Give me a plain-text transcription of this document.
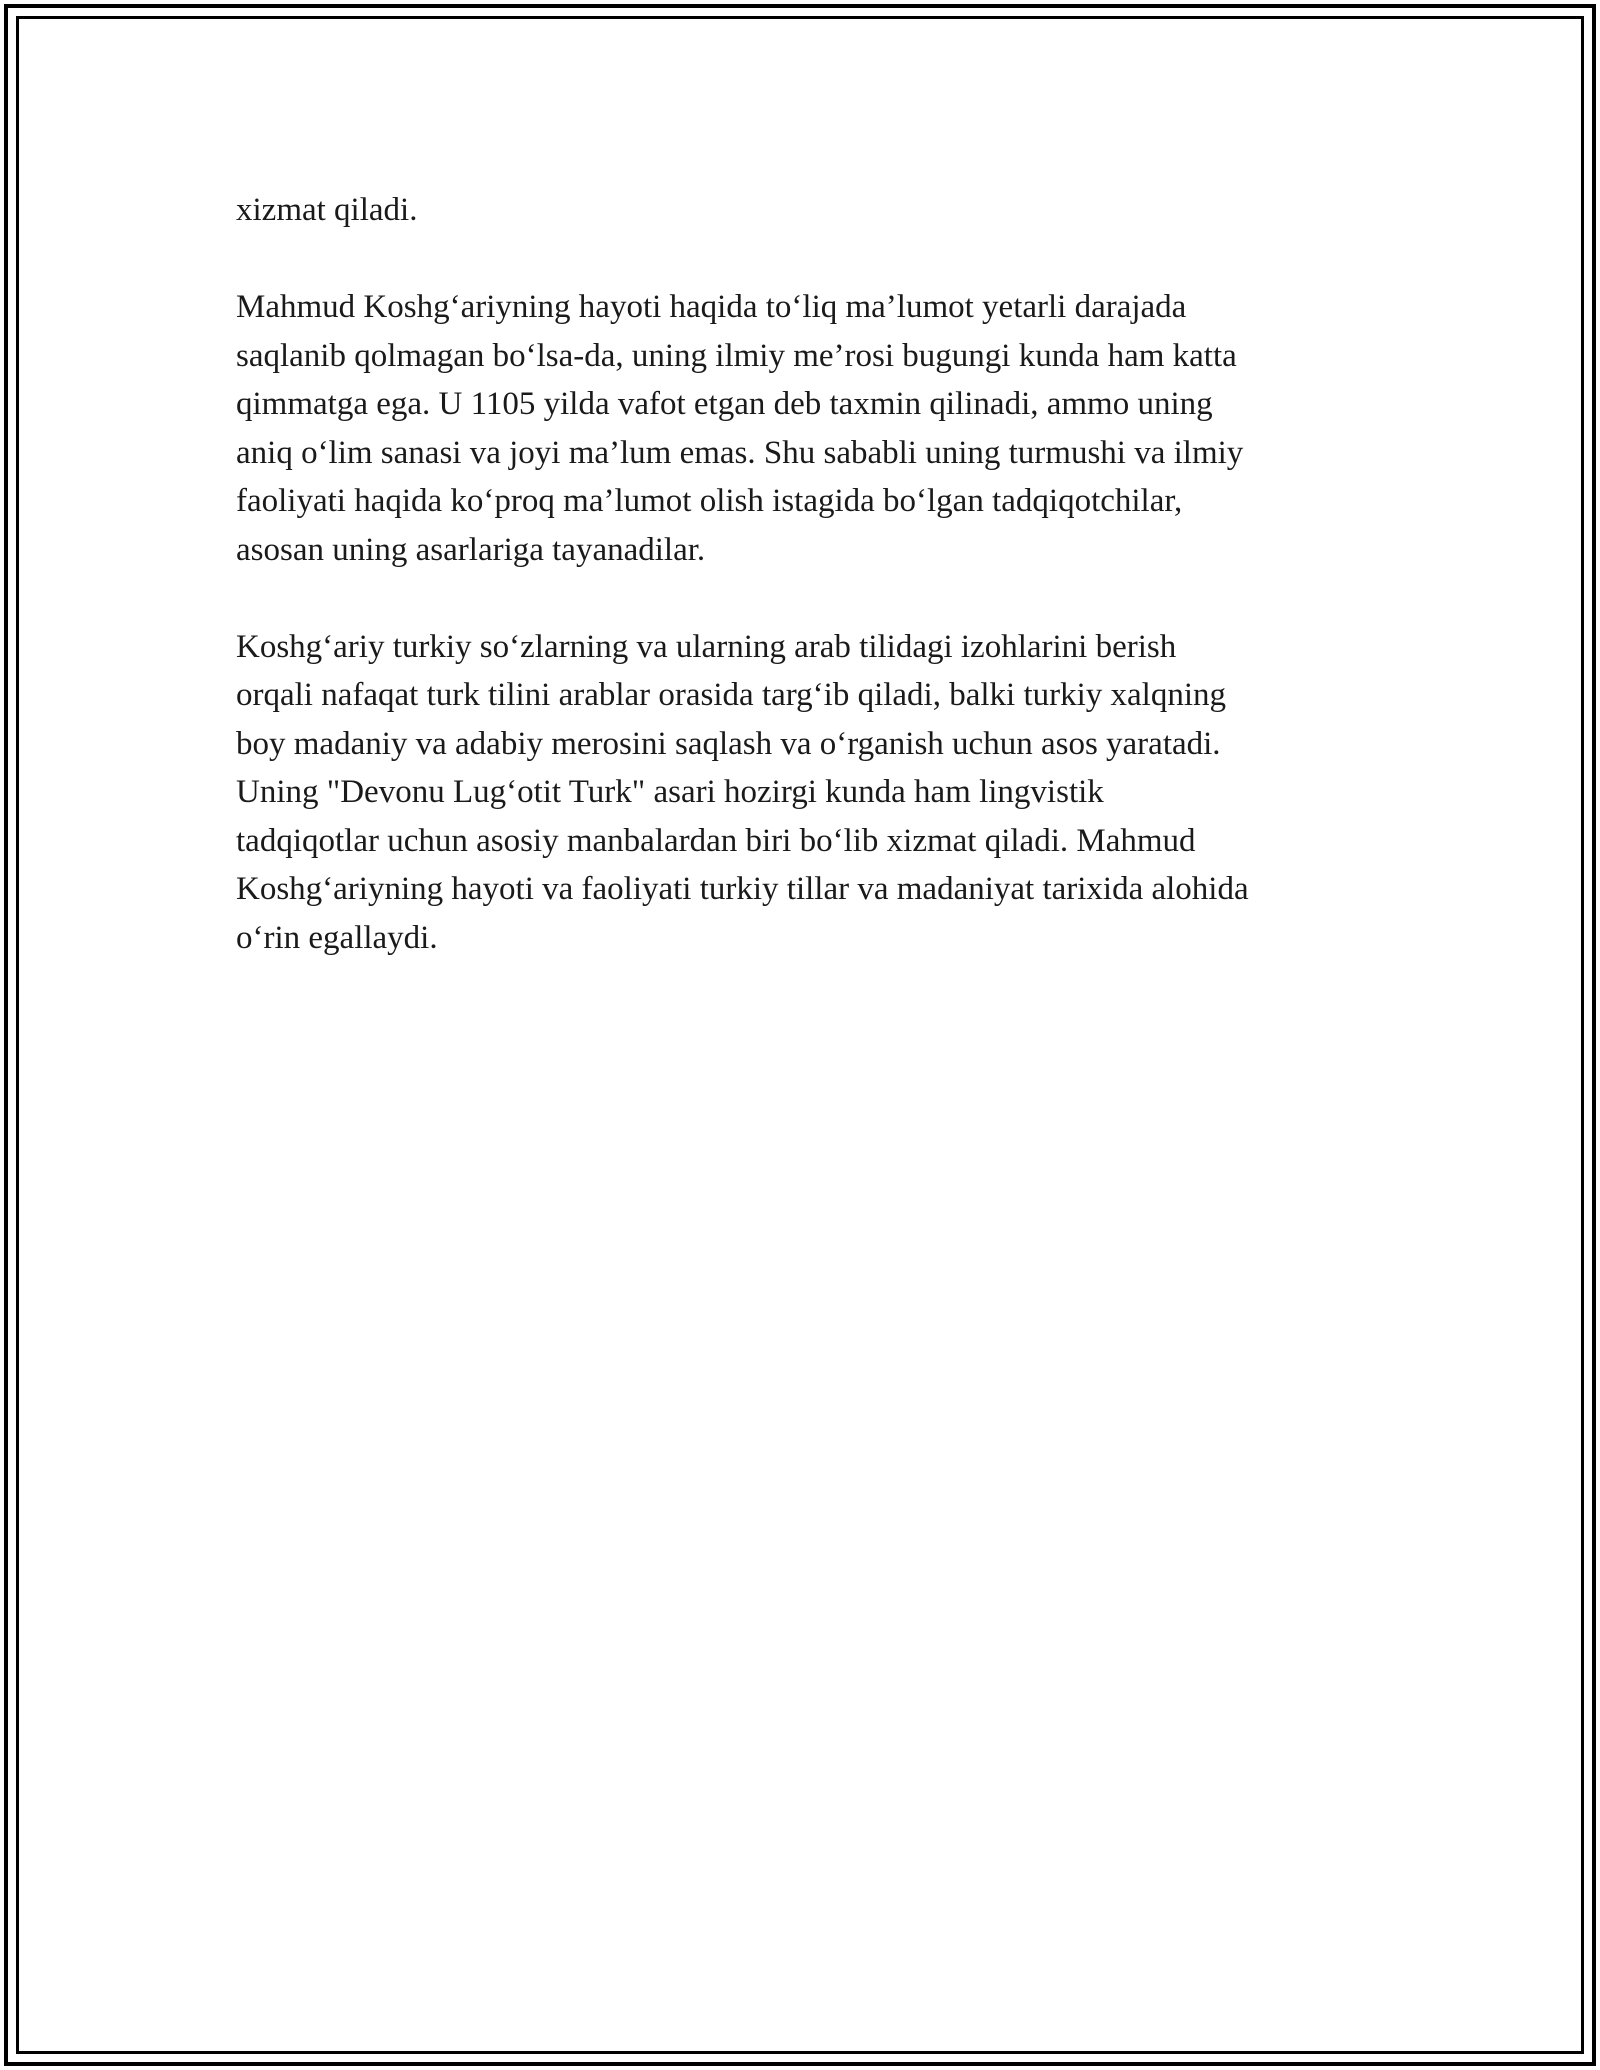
xizmat qiladi.

Mahmud Koshg‘ariyning hayoti haqida to‘liq ma’lumot yetarli darajada
saqlanib qolmagan bo‘lsa-da, uning ilmiy me’rosi bugungi kunda ham katta
qimmatga ega. U 1105 yilda vafot etgan deb taxmin qilinadi, ammo uning
aniq o‘lim sanasi va joyi ma’lum emas. Shu sababli uning turmushi va ilmiy
faoliyati haqida ko‘proq ma’lumot olish istagida bo‘lgan tadqiqotchilar,
asosan uning asarlariga tayanadilar.

Koshg‘ariy turkiy so‘zlarning va ularning arab tilidagi izohlarini berish
orqali nafaqat turk tilini arablar orasida targ‘ib qiladi, balki turkiy xalqning
boy madaniy va adabiy merosini saqlash va o‘rganish uchun asos yaratadi.
Uning "Devonu Lug‘otit Turk" asari hozirgi kunda ham lingvistik
tadqiqotlar uchun asosiy manbalardan biri bo‘lib xizmat qiladi. Mahmud
Koshg‘ariyning hayoti va faoliyati turkiy tillar va madaniyat tarixida alohida
o‘rin egallaydi.
